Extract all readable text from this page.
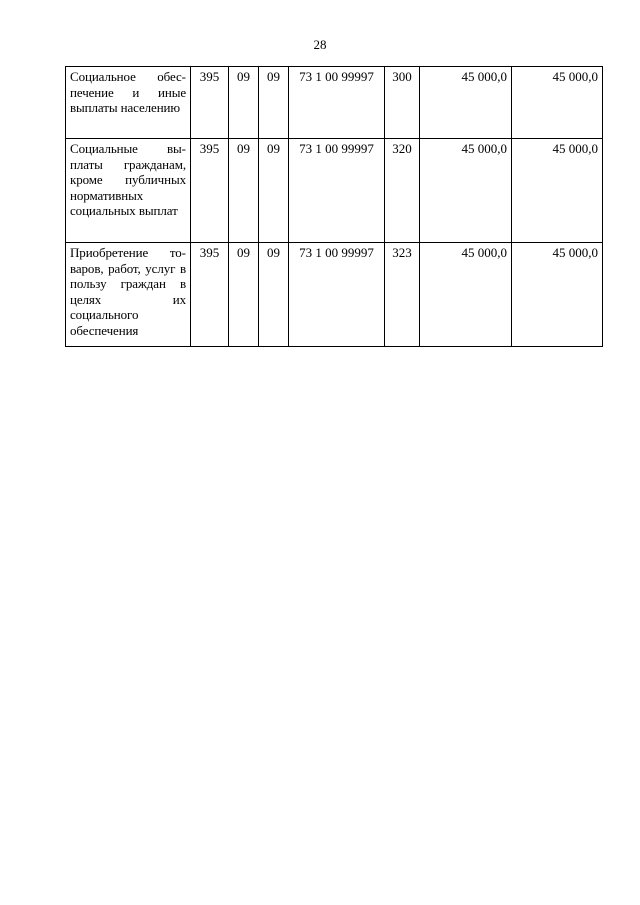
28
Социальное обеспечение и иные выплаты населению	395	09	09	73 1 00 99997	300	45 000,0	45 000,0
Социальные выплаты гражданам, кроме публичных нормативных социальных выплат	395	09	09	73 1 00 99997	320	45 000,0	45 000,0
Приобретение товаров, работ, услуг в пользу граждан в целях их социального обеспечения	395	09	09	73 1 00 99997	323	45 000,0	45 000,0
